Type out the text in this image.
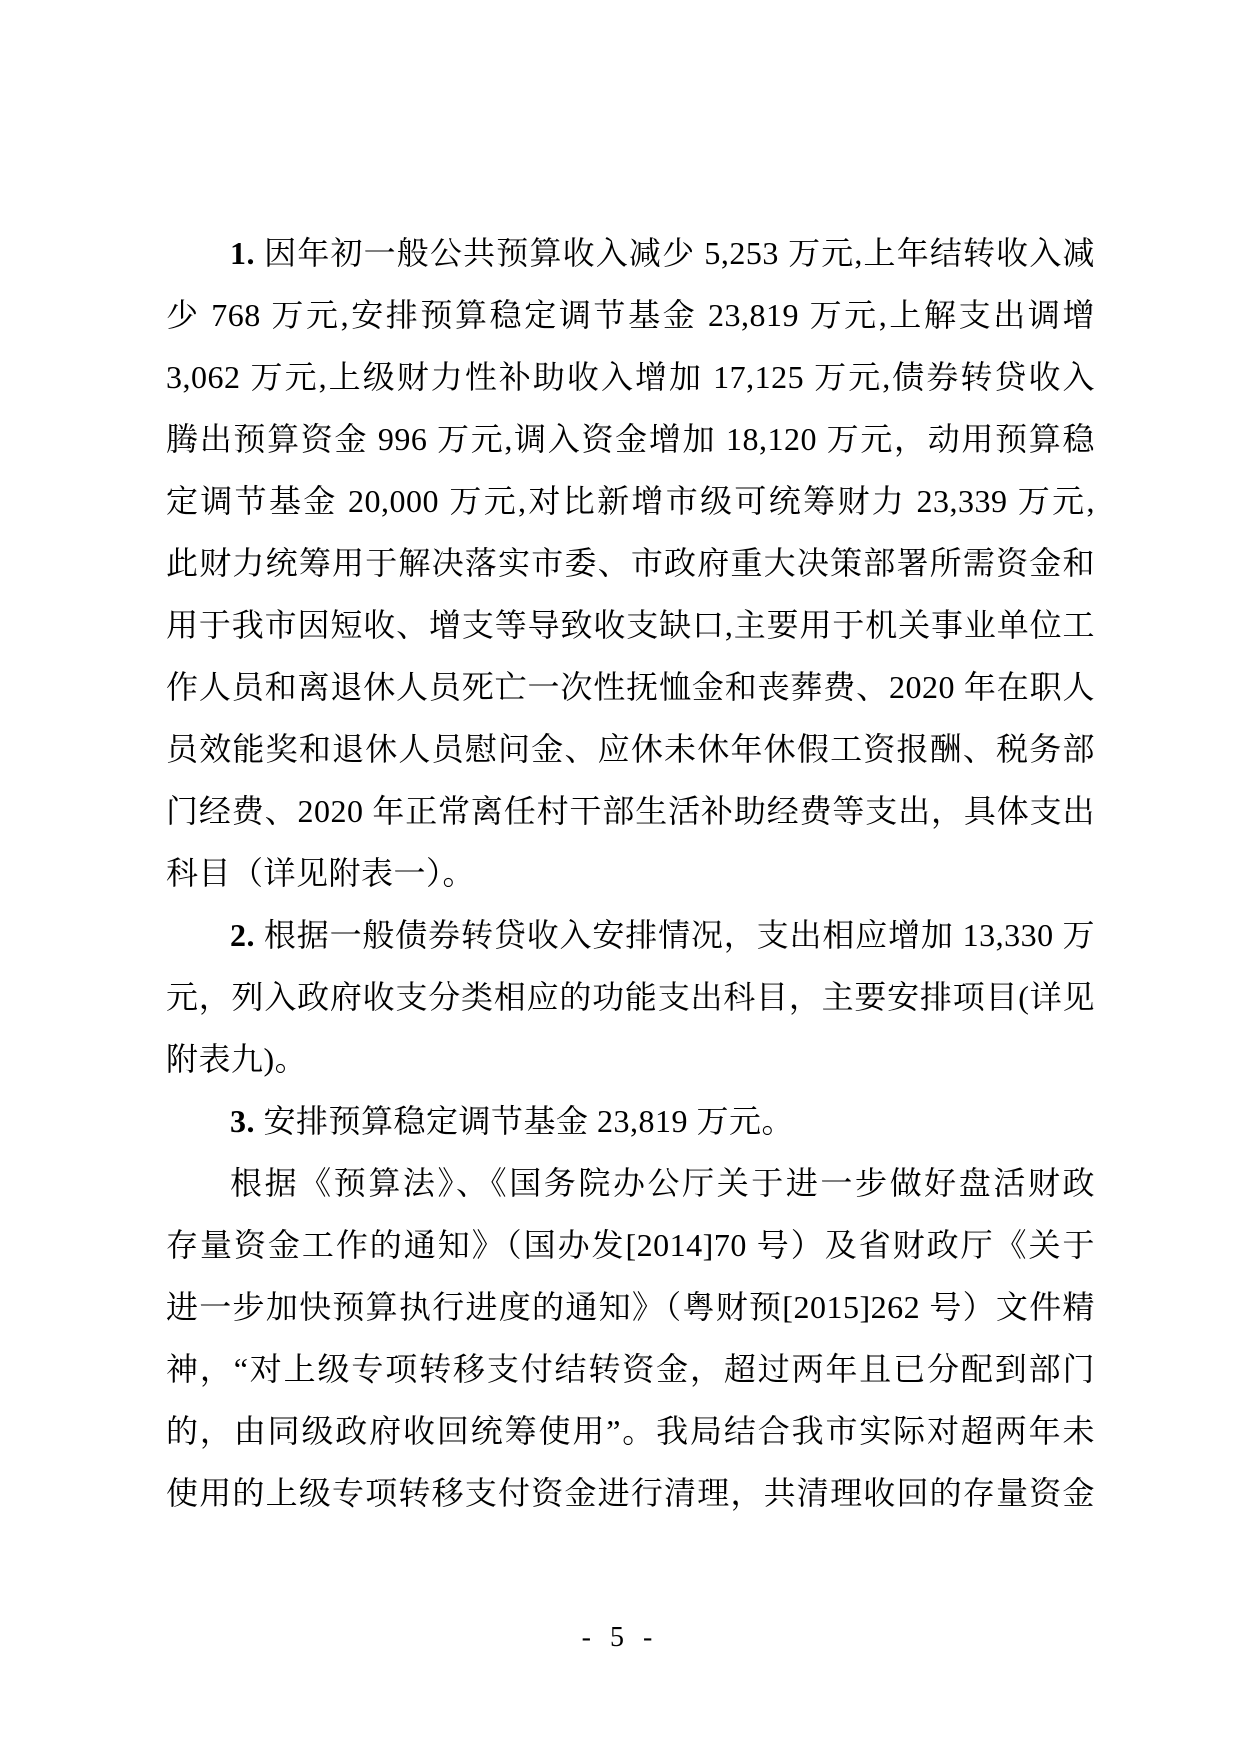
1. 因年初一般公共预算收入减少 5,253 万元,上年结转收入减

少 768 万元,安排预算稳定调节基金 23,819 万元,上解支出调增

3,062 万元,上级财力性补助收入增加 17,125 万元,债券转贷收入

腾出预算资金 996 万元,调入资金增加 18,120 万元，动用预算稳

定调节基金 20,000 万元,对比新增市级可统筹财力 23,339 万元,

此财力统筹用于解决落实市委、市政府重大决策部署所需资金和

用于我市因短收、增支等导致收支缺口,主要用于机关事业单位工

作人员和离退休人员死亡一次性抚恤金和丧葬费、2020 年在职人

员效能奖和退休人员慰问金、应休未休年休假工资报酬、税务部

门经费、2020 年正常离任村干部生活补助经费等支出，具体支出

科目（详见附表一）。

2. 根据一般债券转贷收入安排情况，支出相应增加 13,330 万

元，列入政府收支分类相应的功能支出科目，主要安排项目(详见

附表九)。

3. 安排预算稳定调节基金 23,819 万元。

根据《预算法》、《国务院办公厅关于进一步做好盘活财政

存量资金工作的通知》（国办发[2014]70 号）及省财政厅《关于

进一步加快预算执行进度的通知》（粤财预[2015]262 号）文件精

神，“对上级专项转移支付结转资金，超过两年且已分配到部门

的，由同级政府收回统筹使用”。我局结合我市实际对超两年未

使用的上级专项转移支付资金进行清理，共清理收回的存量资金

- 5 -
